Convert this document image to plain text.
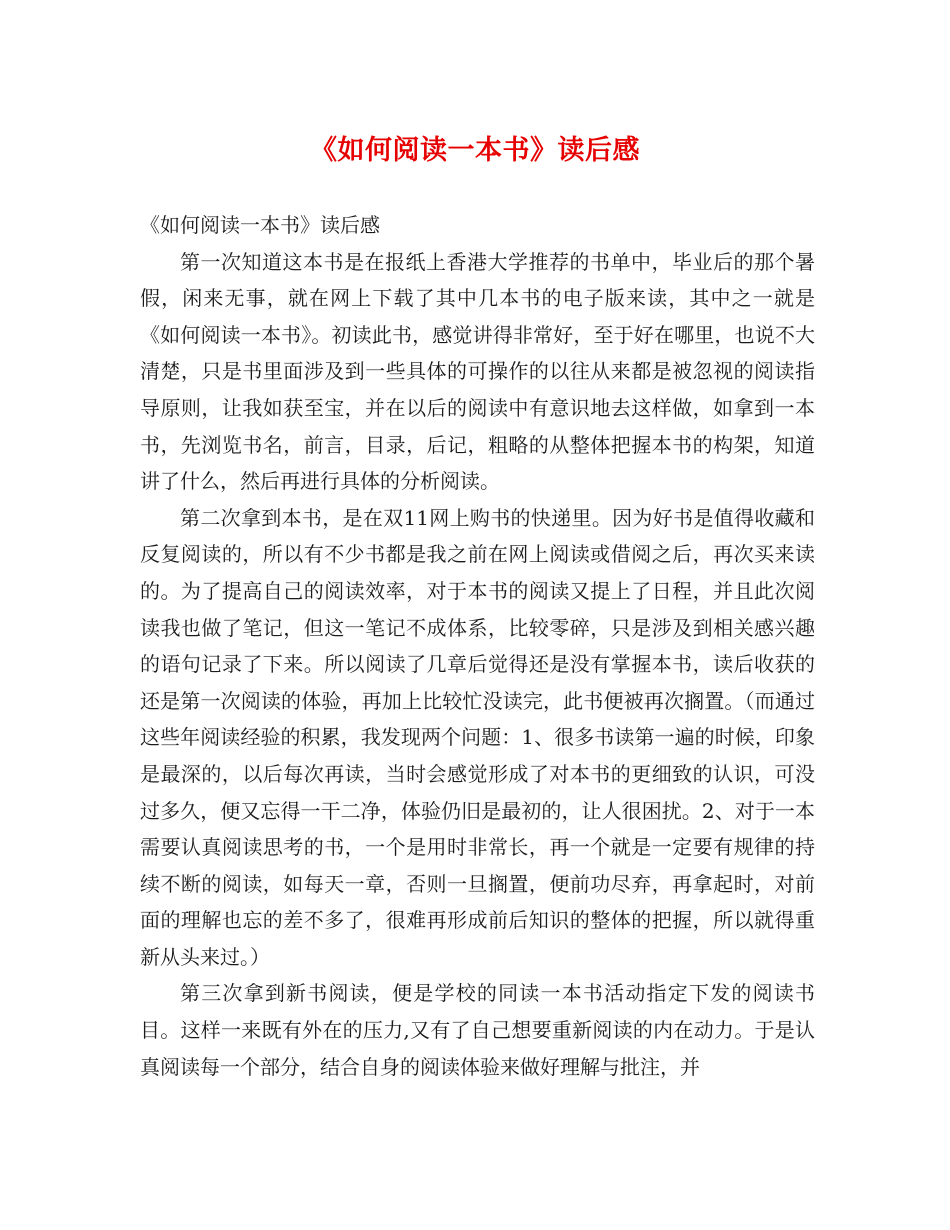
《如何阅读一本书》读后感

《如何阅读一本书》读后感

第一次知道这本书是在报纸上香港大学推荐的书单中，毕业后的那个暑假，闲来无事，就在网上下载了其中几本书的电子版来读，其中之一就是《如何阅读一本书》。初读此书，感觉讲得非常好，至于好在哪里，也说不大清楚，只是书里面涉及到一些具体的可操作的以往从来都是被忽视的阅读指导原则，让我如获至宝，并在以后的阅读中有意识地去这样做，如拿到一本书，先浏览书名，前言，目录，后记，粗略的从整体把握本书的构架，知道讲了什么，然后再进行具体的分析阅读。

第二次拿到本书，是在双11网上购书的快递里。因为好书是值得收藏和反复阅读的，所以有不少书都是我之前在网上阅读或借阅之后，再次买来读的。为了提高自己的阅读效率，对于本书的阅读又提上了日程，并且此次阅读我也做了笔记，但这一笔记不成体系，比较零碎，只是涉及到相关感兴趣的语句记录了下来。所以阅读了几章后觉得还是没有掌握本书，读后收获的还是第一次阅读的体验，再加上比较忙没读完，此书便被再次搁置。（而通过这些年阅读经验的积累，我发现两个问题：1、很多书读第一遍的时候，印象是最深的，以后每次再读，当时会感觉形成了对本书的更细致的认识，可没过多久，便又忘得一干二净，体验仍旧是最初的，让人很困扰。2、对于一本需要认真阅读思考的书，一个是用时非常长，再一个就是一定要有规律的持续不断的阅读，如每天一章，否则一旦搁置，便前功尽弃，再拿起时，对前面的理解也忘的差不多了，很难再形成前后知识的整体的把握，所以就得重新从头来过。）

第三次拿到新书阅读，便是学校的同读一本书活动指定下发的阅读书目。这样一来既有外在的压力,又有了自己想要重新阅读的内在动力。于是认真阅读每一个部分，结合自身的阅读体验来做好理解与批注，并
